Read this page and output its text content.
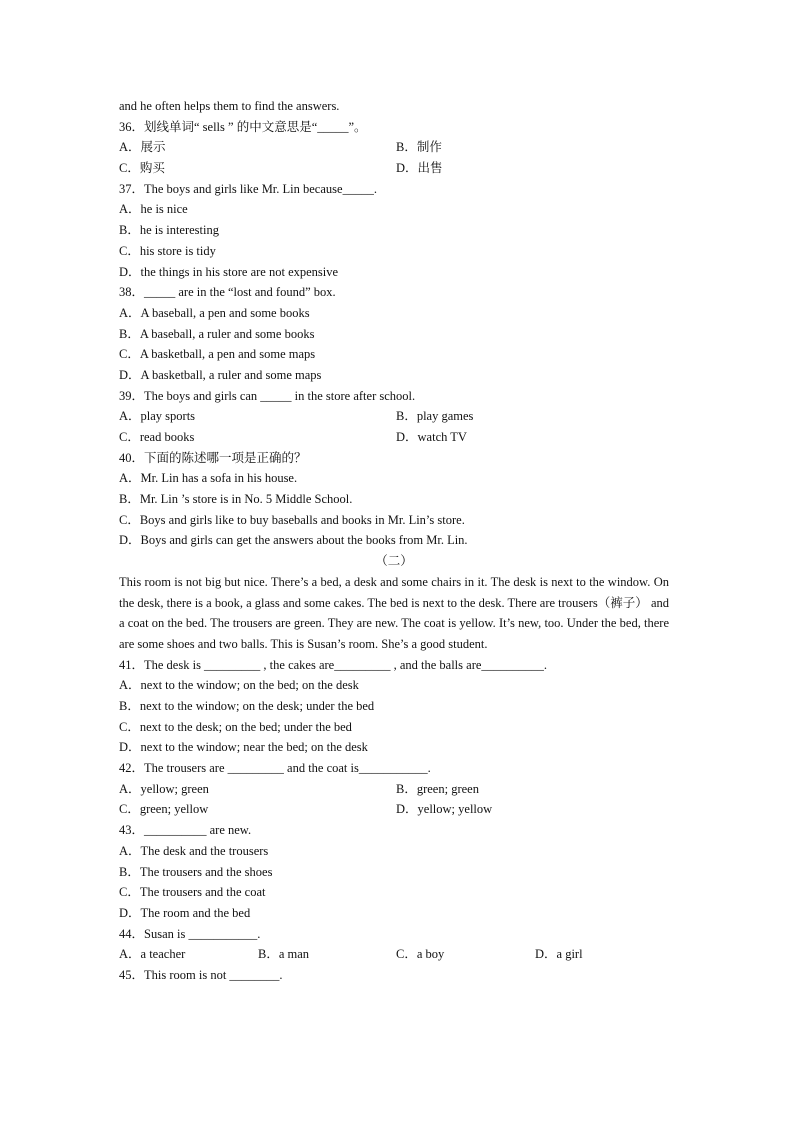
and he often helps them to find the answers.
36．划线单词“ sells ” 的中文意思是“_____”。
A．展示	B．制作
C．购买	D．出售
37．The boys and girls like Mr. Lin because_____.
A．he is nice
B．he is interesting
C．his store is tidy
D．the things in his store are not expensive
38．_____ are in the “lost and found” box.
A．A baseball, a pen and some books
B．A baseball, a ruler and some books
C．A basketball, a pen and some maps
D．A basketball, a ruler and some maps
39．The boys and girls can _____ in the store after school.
A．play sports	B．play games
C．read books	D．watch TV
40．下面的陈述哪一项是正确的？
A．Mr. Lin has a sofa in his house.
B．Mr. Lin ’s store is in No. 5 Middle School.
C．Boys and girls like to buy baseballs and books in Mr. Lin’s store.
D．Boys and girls can get the answers about the books from Mr. Lin.
（二）
This room is not big but nice. There’s a bed, a desk and some chairs in it. The desk is next to the window. On the desk, there is a book, a glass and some cakes. The bed is next to the desk. There are trousers（裤子） and a coat on the bed. The trousers are green. They are new. The coat is yellow. It’s new, too. Under the bed, there are some shoes and two balls. This is Susan’s room. She’s a good student.
41．The desk is _________ , the cakes are_________ , and the balls are__________.
A．next to the window; on the bed; on the desk
B．next to the window; on the desk; under the bed
C．next to the desk; on the bed; under the bed
D．next to the window; near the bed; on the desk
42．The trousers are _________ and the coat is___________.
A．yellow; green	B．green; green
C．green; yellow	D．yellow; yellow
43．__________ are new.
A．The desk and the trousers
B．The trousers and the shoes
C．The trousers and the coat
D．The room and the bed
44．Susan is ___________.
A．a teacher	B．a man	C．a boy	D．a girl
45．This room is not ________.
